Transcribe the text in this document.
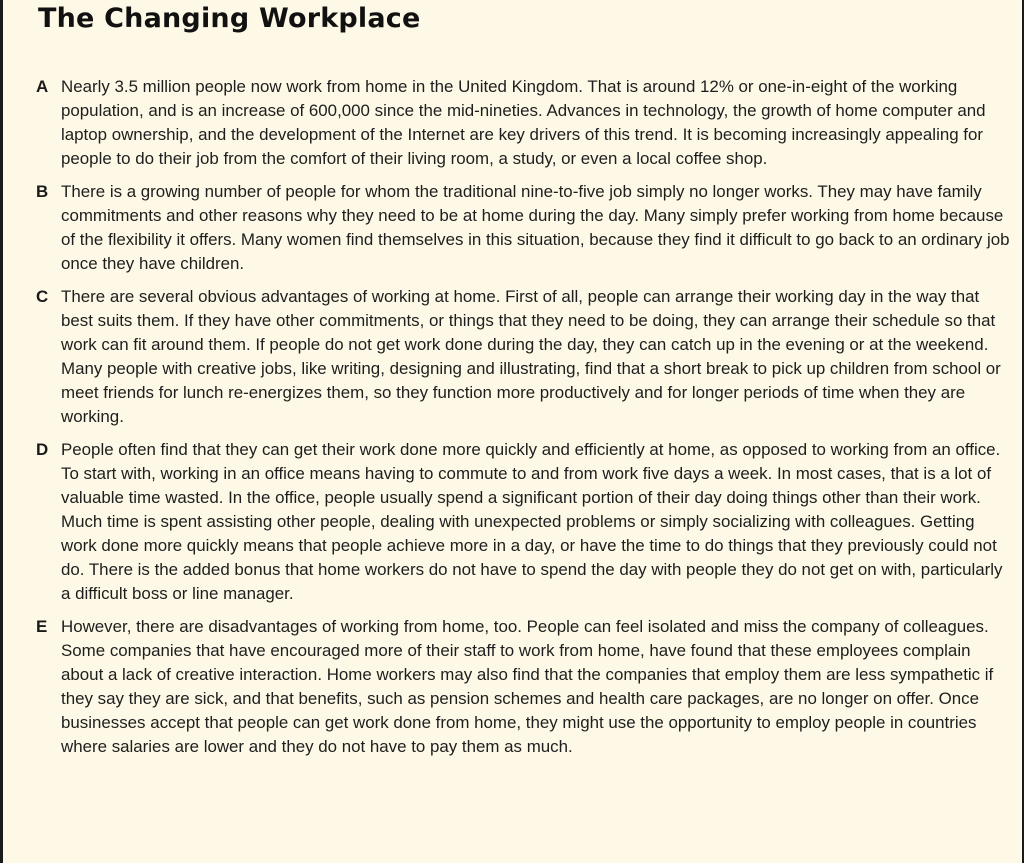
The Changing Workplace
A Nearly 3.5 million people now work from home in the United Kingdom. That is around 12% or one-in-eight of the working population, and is an increase of 600,000 since the mid-nineties. Advances in technology, the growth of home computer and laptop ownership, and the development of the Internet are key drivers of this trend. It is becoming increasingly appealing for people to do their job from the comfort of their living room, a study, or even a local coffee shop.
B There is a growing number of people for whom the traditional nine-to-five job simply no longer works. They may have family commitments and other reasons why they need to be at home during the day. Many simply prefer working from home because of the flexibility it offers. Many women find themselves in this situation, because they find it difficult to go back to an ordinary job once they have children.
C There are several obvious advantages of working at home. First of all, people can arrange their working day in the way that best suits them. If they have other commitments, or things that they need to be doing, they can arrange their schedule so that work can fit around them. If people do not get work done during the day, they can catch up in the evening or at the weekend. Many people with creative jobs, like writing, designing and illustrating, find that a short break to pick up children from school or meet friends for lunch re-energizes them, so they function more productively and for longer periods of time when they are working.
D People often find that they can get their work done more quickly and efficiently at home, as opposed to working from an office. To start with, working in an office means having to commute to and from work five days a week. In most cases, that is a lot of valuable time wasted. In the office, people usually spend a significant portion of their day doing things other than their work. Much time is spent assisting other people, dealing with unexpected problems or simply socializing with colleagues. Getting work done more quickly means that people achieve more in a day, or have the time to do things that they previously could not do. There is the added bonus that home workers do not have to spend the day with people they do not get on with, particularly a difficult boss or line manager.
E However, there are disadvantages of working from home, too. People can feel isolated and miss the company of colleagues. Some companies that have encouraged more of their staff to work from home, have found that these employees complain about a lack of creative interaction. Home workers may also find that the companies that employ them are less sympathetic if they say they are sick, and that benefits, such as pension schemes and health care packages, are no longer on offer. Once businesses accept that people can get work done from home, they might use the opportunity to employ people in countries where salaries are lower and they do not have to pay them as much.
